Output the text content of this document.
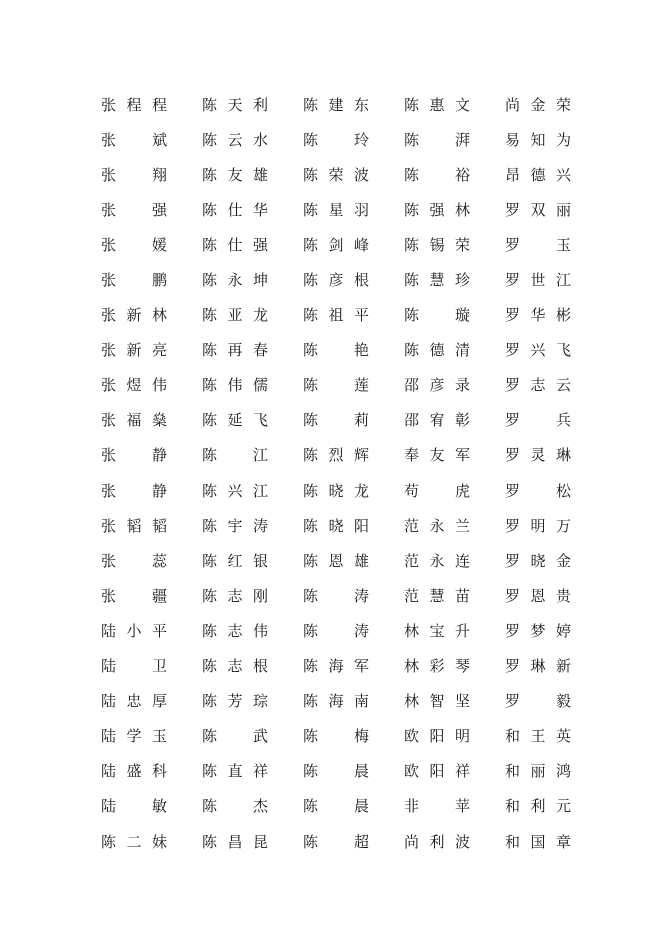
张程程 陈天利 陈建东 陈惠文 尚金荣
张　斌 陈云水 陈　玲 陈　湃 易知为
张　翔 陈友雄 陈荣波 陈　裕 昂德兴
张　强 陈仕华 陈星羽 陈强林 罗双丽
张　媛 陈仕强 陈剑峰 陈锡荣 罗　玉
张　鹏 陈永坤 陈彦根 陈慧珍 罗世江
张新林 陈亚龙 陈祖平 陈　璇 罗华彬
张新亮 陈再春 陈　艳 陈德清 罗兴飞
张煜伟 陈伟儒 陈　莲 邵彦录 罗志云
张福燊 陈延飞 陈　莉 邵宥彰 罗　兵
张　静 陈　江 陈烈辉 奉友军 罗灵琳
张　静 陈兴江 陈晓龙 苟　虎 罗　松
张韬韬 陈宇涛 陈晓阳 范永兰 罗明万
张　蕊 陈红银 陈恩雄 范永连 罗晓金
张　疆 陈志刚 陈　涛 范慧苗 罗恩贵
陆小平 陈志伟 陈　涛 林宝升 罗梦婷
陆　卫 陈志根 陈海军 林彩琴 罗琳新
陆忠厚 陈芳琮 陈海南 林智坚 罗　毅
陆学玉 陈　武 陈　梅 欧阳明 和王英
陆盛科 陈直祥 陈　晨 欧阳祥 和丽鸿
陆　敏 陈　杰 陈　晨 非　苹 和利元
陈二妹 陈昌昆 陈　超 尚利波 和国章
